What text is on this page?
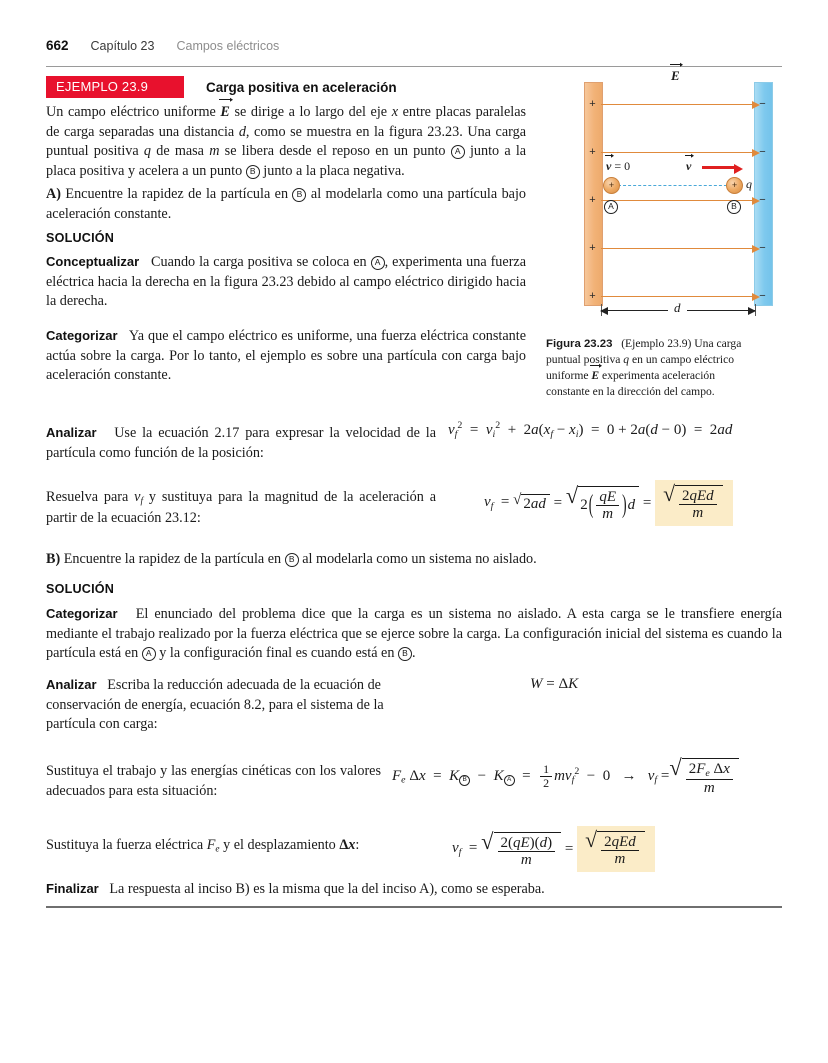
662 Capítulo 23 Campos eléctricos
EJEMPLO 23.9	Carga positiva en aceleración

Un campo eléctrico uniforme E se dirige a lo largo del eje x entre placas paralelas de carga separadas una distancia d, como se muestra en la figura 23.23. Una carga puntual positiva q de masa m se libera desde el reposo en un punto A junto a la placa positiva y acelera a un punto B junto a la placa negativa.

A) Encuentre la rapidez de la partícula en B al modelarla como una partícula bajo aceleración constante.

SOLUCIÓN

Conceptualizar Cuando la carga positiva se coloca en A , experimenta una fuerza eléctrica hacia la derecha en la figura 23.23 debido al campo eléctrico dirigido hacia la derecha.

Categorizar Ya que el campo eléctrico es uniforme, una fuerza eléctrica constante actúa sobre la carga. Por lo tanto, el ejemplo es sobre una partícula con carga bajo aceleración constante.

Analizar Use la ecuación 2.17 para expresar la velocidad de la partícula como función de la posición:

$v_f^2 = v_i^2 + 2a(x_f - x_i) = 0 + 2a(d - 0) = 2ad$

Resuelva para $v_f$ y sustituya para la magnitud de la aceleración a partir de la ecuación 23.12:

$v_f$  = √ 2ad = √ $2( \frac{qE}{m} )d$ = √ $\frac{\text{2qEd}}{m}$

B) Encuentre la rapidez de la partícula en B al modelarla como un sistema no aislado.

SOLUCIÓN

Categorizar El enunciado del problema dice que la carga es un sistema no aislado. A esta carga se le transfiere energía mediante el trabajo realizado por la fuerza eléctrica que se ejerce sobre la carga. La configuración inicial del sistema es cuando la partícula está en A y la configuración final es cuando está en B .

Analizar Escriba la reducción adecuada de la ecuación de conservación de energía, ecuación 8.2, para el sistema de la partícula con carga:

W = ΔK

Sustituya el trabajo y las energías cinéticas con los valores adecuados para esta situación:

$F_e$ Δx  =  K B  −  K $A = \frac{1}{2} mv_f^2 - 0 \to v_f$ = √ $\frac{2F_e \Delta x}{m}$

Sustituya la fuerza eléctrica $F_e$ y el desplazamiento Δx:	$v_f$  = √ $\frac{2(qE)(d)}{m}$ = √ $\frac{\text{2qEd}}{m}$

Finalizar La respuesta al inciso B) es la misma que la del inciso A), como se esperaba.

+
+
+
+
+
−
−
−
−
−
E
v = 0	v
+	+ q
A	B
d
Figura 23.23 (Ejemplo 23.9) Una carga puntual positiva q en un campo eléctrico uniforme E experimenta aceleración constante en la dirección del campo.
